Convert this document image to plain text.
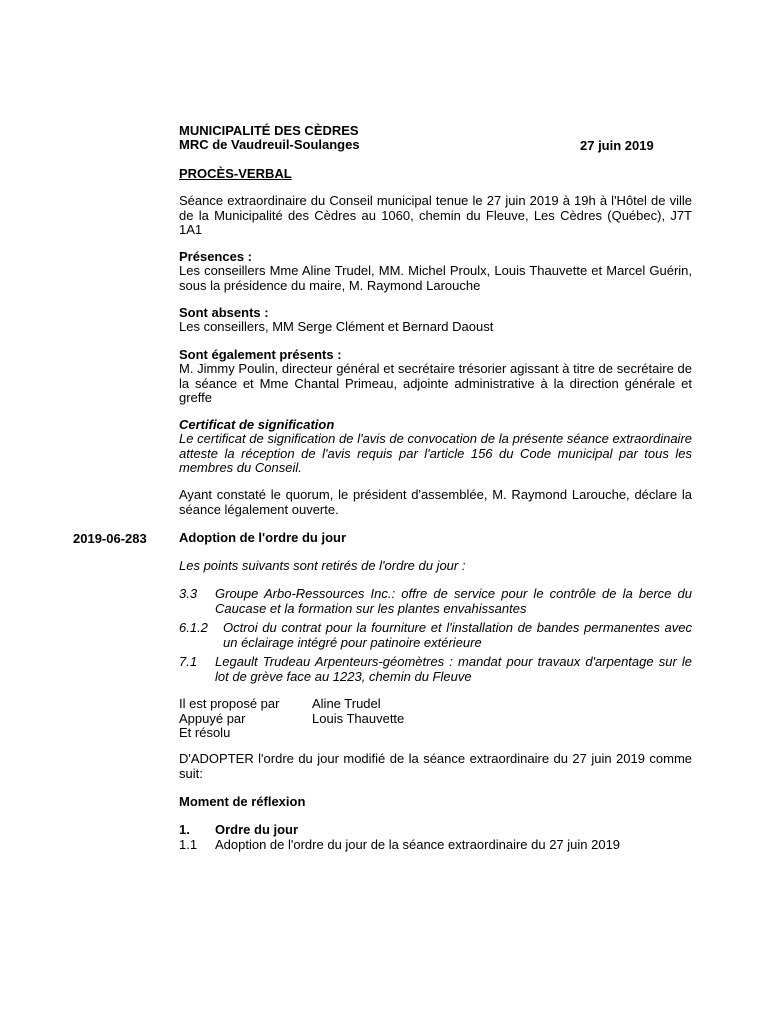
MUNICIPALITÉ DES CÈDRES
MRC de Vaudreuil-Soulanges	27 juin 2019
PROCÈS-VERBAL
Séance extraordinaire du Conseil municipal tenue le 27 juin 2019 à 19h à l'Hôtel de ville de la Municipalité des Cèdres au 1060, chemin du Fleuve, Les Cèdres (Québec), J7T 1A1
Présences :
Les conseillers Mme Aline Trudel, MM. Michel Proulx, Louis Thauvette et Marcel Guérin, sous la présidence du maire, M. Raymond Larouche
Sont absents :
Les conseillers, MM Serge Clément et Bernard Daoust
Sont également présents :
M. Jimmy Poulin, directeur général et secrétaire trésorier agissant à titre de secrétaire de la séance et Mme Chantal Primeau, adjointe administrative à la direction générale et greffe
Certificat de signification
Le certificat de signification de l'avis de convocation de la présente séance extraordinaire atteste la réception de l'avis requis par l'article 156 du Code municipal par tous les membres du Conseil.
Ayant constaté le quorum, le président d'assemblée, M. Raymond Larouche, déclare la séance légalement ouverte.
2019-06-283 Adoption de l'ordre du jour
Les points suivants sont retirés de l'ordre du jour :
3.3 Groupe Arbo-Ressources Inc.: offre de service pour le contrôle de la berce du Caucase et la formation sur les plantes envahissantes
6.1.2 Octroi du contrat pour la fourniture et l'installation de bandes permanentes avec un éclairage intégré pour patinoire extérieure
7.1 Legault Trudeau Arpenteurs-géomètres : mandat pour travaux d'arpentage sur le lot de grève face au 1223, chemin du Fleuve
Il est proposé par	Aline Trudel
Appuyé par	Louis Thauvette
Et résolu
D'ADOPTER l'ordre du jour modifié de la séance extraordinaire du 27 juin 2019 comme suit:
Moment de réflexion
1. Ordre du jour
1.1 Adoption de l'ordre du jour de la séance extraordinaire du 27 juin 2019
